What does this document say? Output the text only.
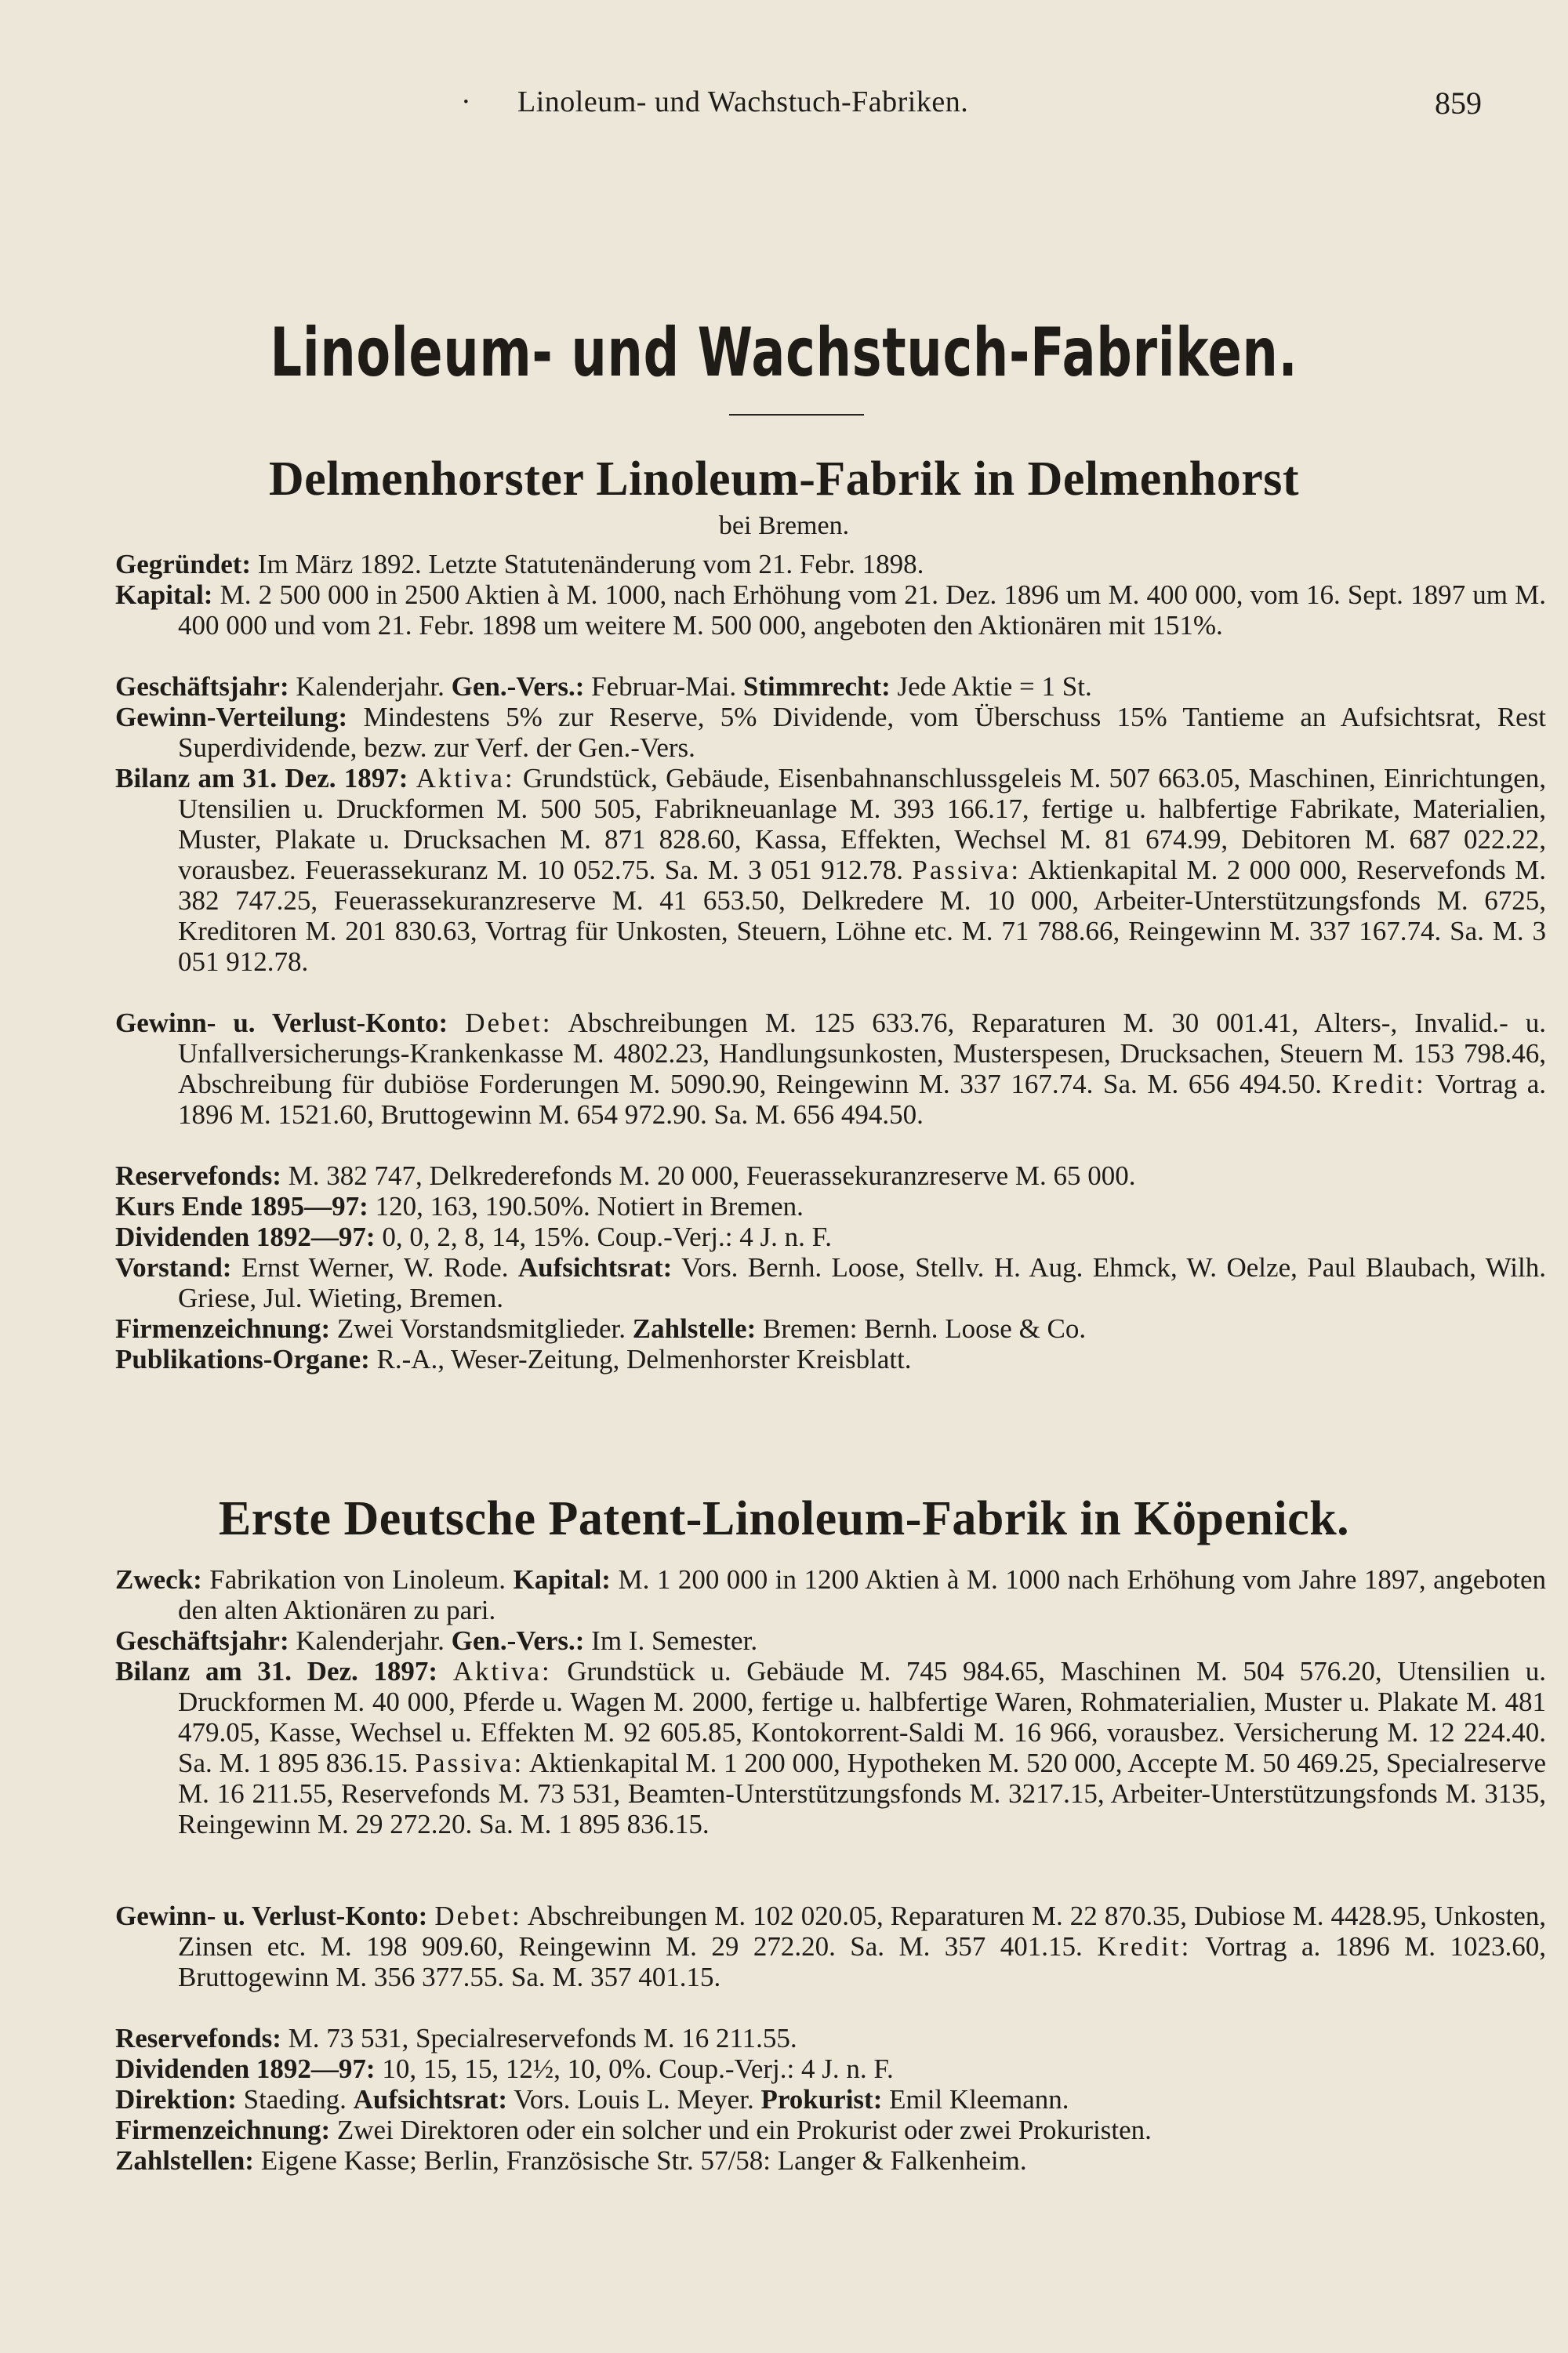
· Linoleum- und Wachstuch-Fabriken.	859
Linoleum- und Wachstuch-Fabriken.
Delmenhorster Linoleum-Fabrik in Delmenhorst
bei Bremen.
Gegründet: Im März 1892. Letzte Statutenänderung vom 21. Febr. 1898.
Kapital: M. 2 500 000 in 2500 Aktien à M. 1000, nach Erhöhung vom 21. Dez. 1896 um M. 400 000, vom 16. Sept. 1897 um M. 400 000 und vom 21. Febr. 1898 um weitere M. 500 000, angeboten den Aktionären mit 151%.
Geschäftsjahr: Kalenderjahr. Gen.-Vers.: Februar-Mai. Stimmrecht: Jede Aktie = 1 St.
Gewinn-Verteilung: Mindestens 5% zur Reserve, 5% Dividende, vom Überschuss 15% Tantieme an Aufsichtsrat, Rest Superdividende, bezw. zur Verf. der Gen.-Vers.
Bilanz am 31. Dez. 1897: Aktiva: Grundstück, Gebäude, Eisenbahnanschlussgeleis M. 507 663.05, Maschinen, Einrichtungen, Utensilien u. Druckformen M. 500 505, Fabrikneuanlage M. 393 166.17, fertige u. halbfertige Fabrikate, Materialien, Muster, Plakate u. Drucksachen M. 871 828.60, Kassa, Effekten, Wechsel M. 81 674.99, Debitoren M. 687 022.22, vorausbez. Feuerassekuranz M. 10 052.75. Sa. M. 3 051 912.78. Passiva: Aktienkapital M. 2 000 000, Reservefonds M. 382 747.25, Feuerassekuranzreserve M. 41 653.50, Delkredere M. 10 000, Arbeiter-Unterstützungsfonds M. 6725, Kreditoren M. 201 830.63, Vortrag für Unkosten, Steuern, Löhne etc. M. 71 788.66, Reingewinn M. 337 167.74. Sa. M. 3 051 912.78.
Gewinn- u. Verlust-Konto: Debet: Abschreibungen M. 125 633.76, Reparaturen M. 30 001.41, Alters-, Invalid.- u. Unfallversicherungs-Krankenkasse M. 4802.23, Handlungsunkosten, Musterspesen, Drucksachen, Steuern M. 153 798.46, Abschreibung für dubiöse Forderungen M. 5090.90, Reingewinn M. 337 167.74. Sa. M. 656 494.50. Kredit: Vortrag a. 1896 M. 1521.60, Bruttogewinn M. 654 972.90. Sa. M. 656 494.50.
Reservefonds: M. 382 747, Delkrederefonds M. 20 000, Feuerassekuranzreserve M. 65 000.
Kurs Ende 1895—97: 120, 163, 190.50%. Notiert in Bremen.
Dividenden 1892—97: 0, 0, 2, 8, 14, 15%. Coup.-Verj.: 4 J. n. F.
Vorstand: Ernst Werner, W. Rode. Aufsichtsrat: Vors. Bernh. Loose, Stellv. H. Aug. Ehmck, W. Oelze, Paul Blaubach, Wilh. Griese, Jul. Wieting, Bremen.
Firmenzeichnung: Zwei Vorstandsmitglieder. Zahlstelle: Bremen: Bernh. Loose & Co.
Publikations-Organe: R.-A., Weser-Zeitung, Delmenhorster Kreisblatt.
Erste Deutsche Patent-Linoleum-Fabrik in Köpenick.
Zweck: Fabrikation von Linoleum. Kapital: M. 1 200 000 in 1200 Aktien à M. 1000 nach Erhöhung vom Jahre 1897, angeboten den alten Aktionären zu pari.
Geschäftsjahr: Kalenderjahr. Gen.-Vers.: Im I. Semester.
Bilanz am 31. Dez. 1897: Aktiva: Grundstück u. Gebäude M. 745 984.65, Maschinen M. 504 576.20, Utensilien u. Druckformen M. 40 000, Pferde u. Wagen M. 2000, fertige u. halbfertige Waren, Rohmaterialien, Muster u. Plakate M. 481 479.05, Kasse, Wechsel u. Effekten M. 92 605.85, Kontokorrent-Saldi M. 16 966, vorausbez. Versicherung M. 12 224.40. Sa. M. 1 895 836.15. Passiva: Aktienkapital M. 1 200 000, Hypotheken M. 520 000, Accepte M. 50 469.25, Specialreserve M. 16 211.55, Reservefonds M. 73 531, Beamten-Unterstützungsfonds M. 3217.15, Arbeiter-Unterstützungsfonds M. 3135, Reingewinn M. 29 272.20. Sa. M. 1 895 836.15.
Gewinn- u. Verlust-Konto: Debet: Abschreibungen M. 102 020.05, Reparaturen M. 22 870.35, Dubiose M. 4428.95, Unkosten, Zinsen etc. M. 198 909.60, Reingewinn M. 29 272.20. Sa. M. 357 401.15. Kredit: Vortrag a. 1896 M. 1023.60, Bruttogewinn M. 356 377.55. Sa. M. 357 401.15.
Reservefonds: M. 73 531, Specialreservefonds M. 16 211.55.
Dividenden 1892—97: 10, 15, 15, 12½, 10, 0%. Coup.-Verj.: 4 J. n. F.
Direktion: Staeding. Aufsichtsrat: Vors. Louis L. Meyer. Prokurist: Emil Kleemann.
Firmenzeichnung: Zwei Direktoren oder ein solcher und ein Prokurist oder zwei Prokuristen.
Zahlstellen: Eigene Kasse; Berlin, Französische Str. 57/58: Langer & Falkenheim.
